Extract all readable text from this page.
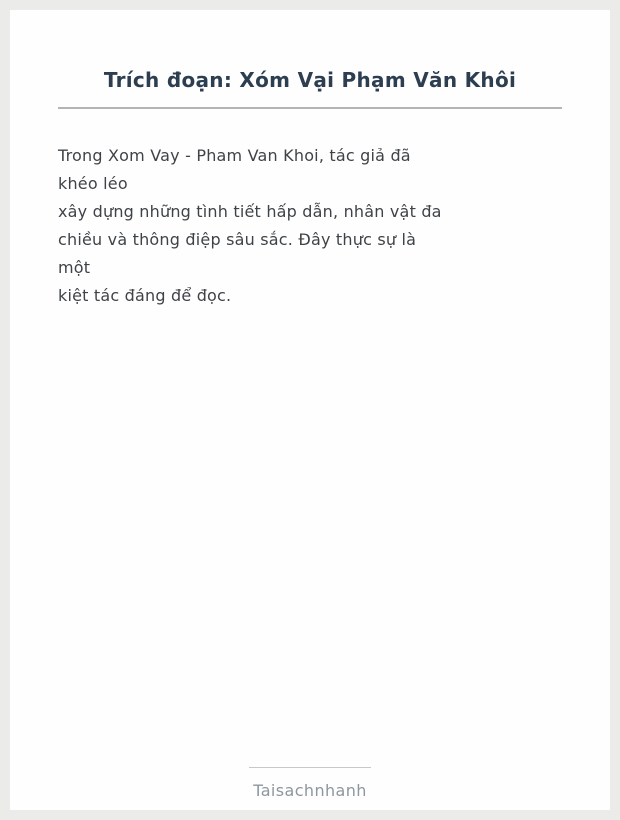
Trích đoạn: Xóm Vại Phạm Văn Khôi
Trong Xom Vay - Pham Van Khoi, tác giả đã
khéo léo
xây dựng những tình tiết hấp dẫn, nhân vật đa
chiều và thông điệp sâu sắc. Đây thực sự là
một
kiệt tác đáng để đọc.
Taisachnhanh
